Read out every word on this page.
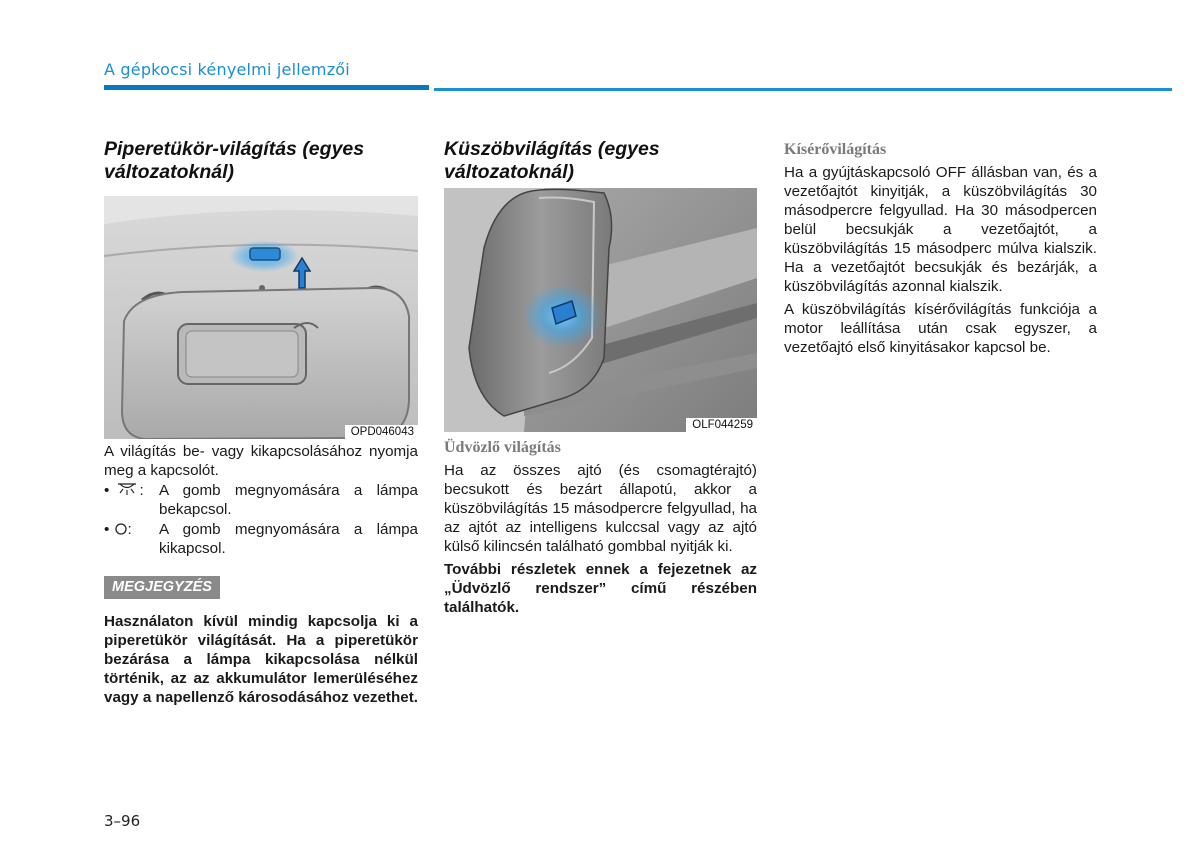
A gépkocsi kényelmi jellemzői
Piperetükör-világítás (egyes változatoknál)
OPD046043

A világítás be- vagy kikapcsolásához nyomja meg a kapcsolót.

•
:	A gomb megnyomására a lámpa bekapcsol.
•
:	A gomb megnyomására a lámpa kikapcsol.
MEGJEGYZÉS

Használaton kívül mindig kapcsolja ki a piperetükör világítását. Ha a piperetükör bezárása a lámpa kikapcsolása nélkül történik, az az akkumulátor lemerüléséhez vagy a napellenző károsodásához vezethet.

Küszöbvilágítás (egyes változatoknál)
OLF044259
Üdvözlő világítás

Ha az összes ajtó (és csomagtérajtó) becsukott és bezárt állapotú, akkor a küszöbvilágítás 15 másodpercre felgyullad, ha az ajtót az intelligens kulccsal vagy az ajtó külső kilincsén található gombbal nyitják ki.

További részletek ennek a fejezetnek az „Üdvözlő rendszer” című részében találhatók.

Kísérővilágítás

Ha a gyújtáskapcsoló OFF állásban van, és a vezetőajtót kinyitják, a küszöbvilágítás 30 másodpercre felgyullad. Ha 30 másodpercen belül becsukják a vezetőajtót, a küszöbvilágítás 15 másodperc múlva kialszik. Ha a vezetőajtót becsukják és bezárják, a küszöbvilágítás azonnal kialszik.

A küszöbvilágítás kísérővilágítás funkciója a motor leállítása után csak egyszer, a vezetőajtó első kinyitásakor kapcsol be.

3–96
